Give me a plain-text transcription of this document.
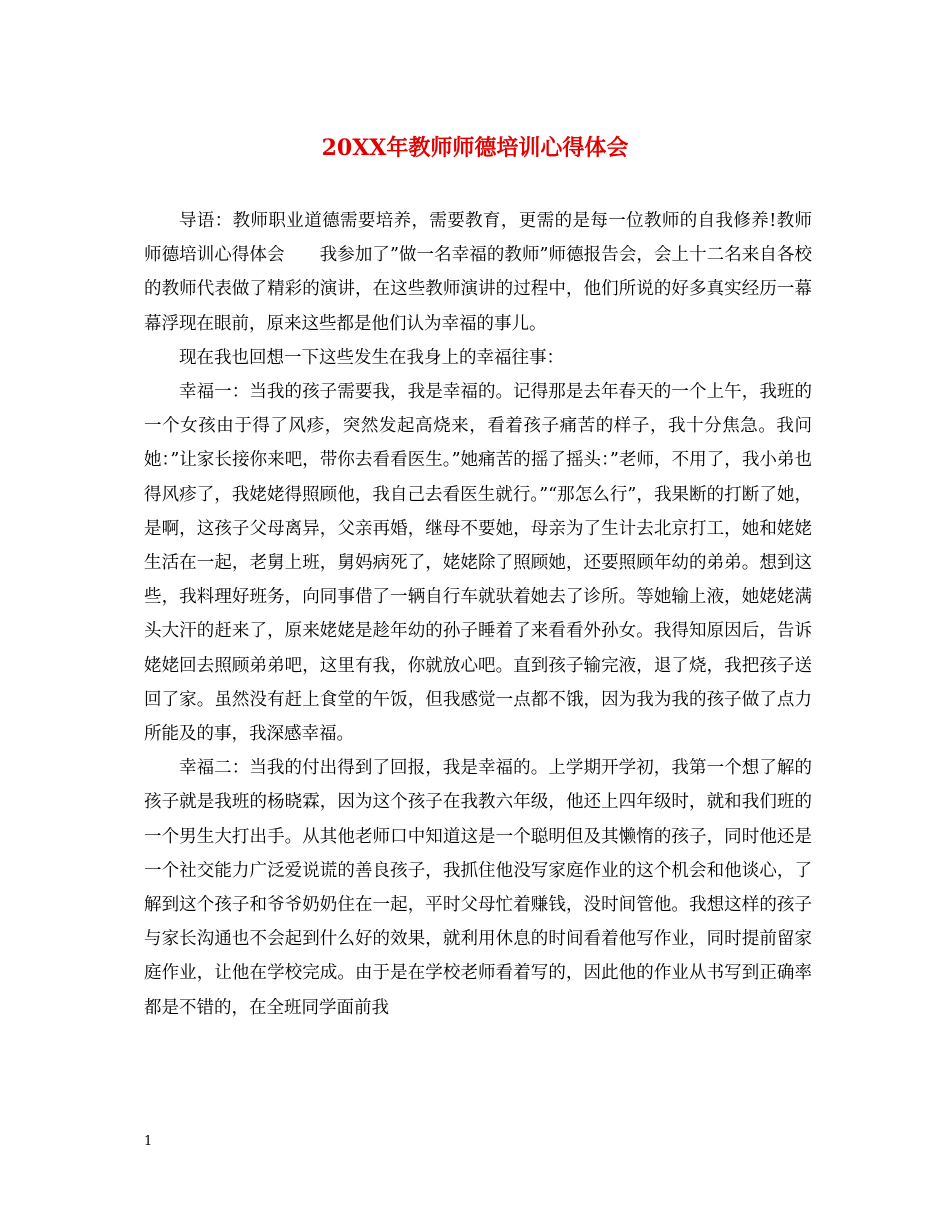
20XX年教师师德培训心得体会

导语：教师职业道德需要培养，需要教育，更需的是每一位教师的自我修养!教师师德培训心得体会　　我参加了”做一名幸福的教师”师德报告会，会上十二名来自各校的教师代表做了精彩的演讲，在这些教师演讲的过程中，他们所说的好多真实经历一幕幕浮现在眼前，原来这些都是他们认为幸福的事儿。

现在我也回想一下这些发生在我身上的幸福往事：

幸福一：当我的孩子需要我，我是幸福的。记得那是去年春天的一个上午，我班的一个女孩由于得了风疹，突然发起高烧来，看着孩子痛苦的样子，我十分焦急。我问她：”让家长接你来吧，带你去看看医生。”她痛苦的摇了摇头：”老师，不用了，我小弟也得风疹了，我姥姥得照顾他，我自己去看医生就行。”“那怎么行”，我果断的打断了她，是啊，这孩子父母离异，父亲再婚，继母不要她，母亲为了生计去北京打工，她和姥姥生活在一起，老舅上班，舅妈病死了，姥姥除了照顾她，还要照顾年幼的弟弟。想到这些，我料理好班务，向同事借了一辆自行车就驮着她去了诊所。等她输上液，她姥姥满头大汗的赶来了，原来姥姥是趁年幼的孙子睡着了来看看外孙女。我得知原因后，告诉姥姥回去照顾弟弟吧，这里有我，你就放心吧。直到孩子输完液，退了烧，我把孩子送回了家。虽然没有赶上食堂的午饭，但我感觉一点都不饿，因为我为我的孩子做了点力所能及的事，我深感幸福。

幸福二：当我的付出得到了回报，我是幸福的。上学期开学初，我第一个想了解的孩子就是我班的杨晓霖，因为这个孩子在我教六年级，他还上四年级时，就和我们班的一个男生大打出手。从其他老师口中知道这是一个聪明但及其懒惰的孩子，同时他还是一个社交能力广泛爱说谎的善良孩子，我抓住他没写家庭作业的这个机会和他谈心，了解到这个孩子和爷爷奶奶住在一起，平时父母忙着赚钱，没时间管他。我想这样的孩子与家长沟通也不会起到什么好的效果，就利用休息的时间看着他写作业，同时提前留家庭作业，让他在学校完成。由于是在学校老师看着写的，因此他的作业从书写到正确率都是不错的，在全班同学面前我

1
